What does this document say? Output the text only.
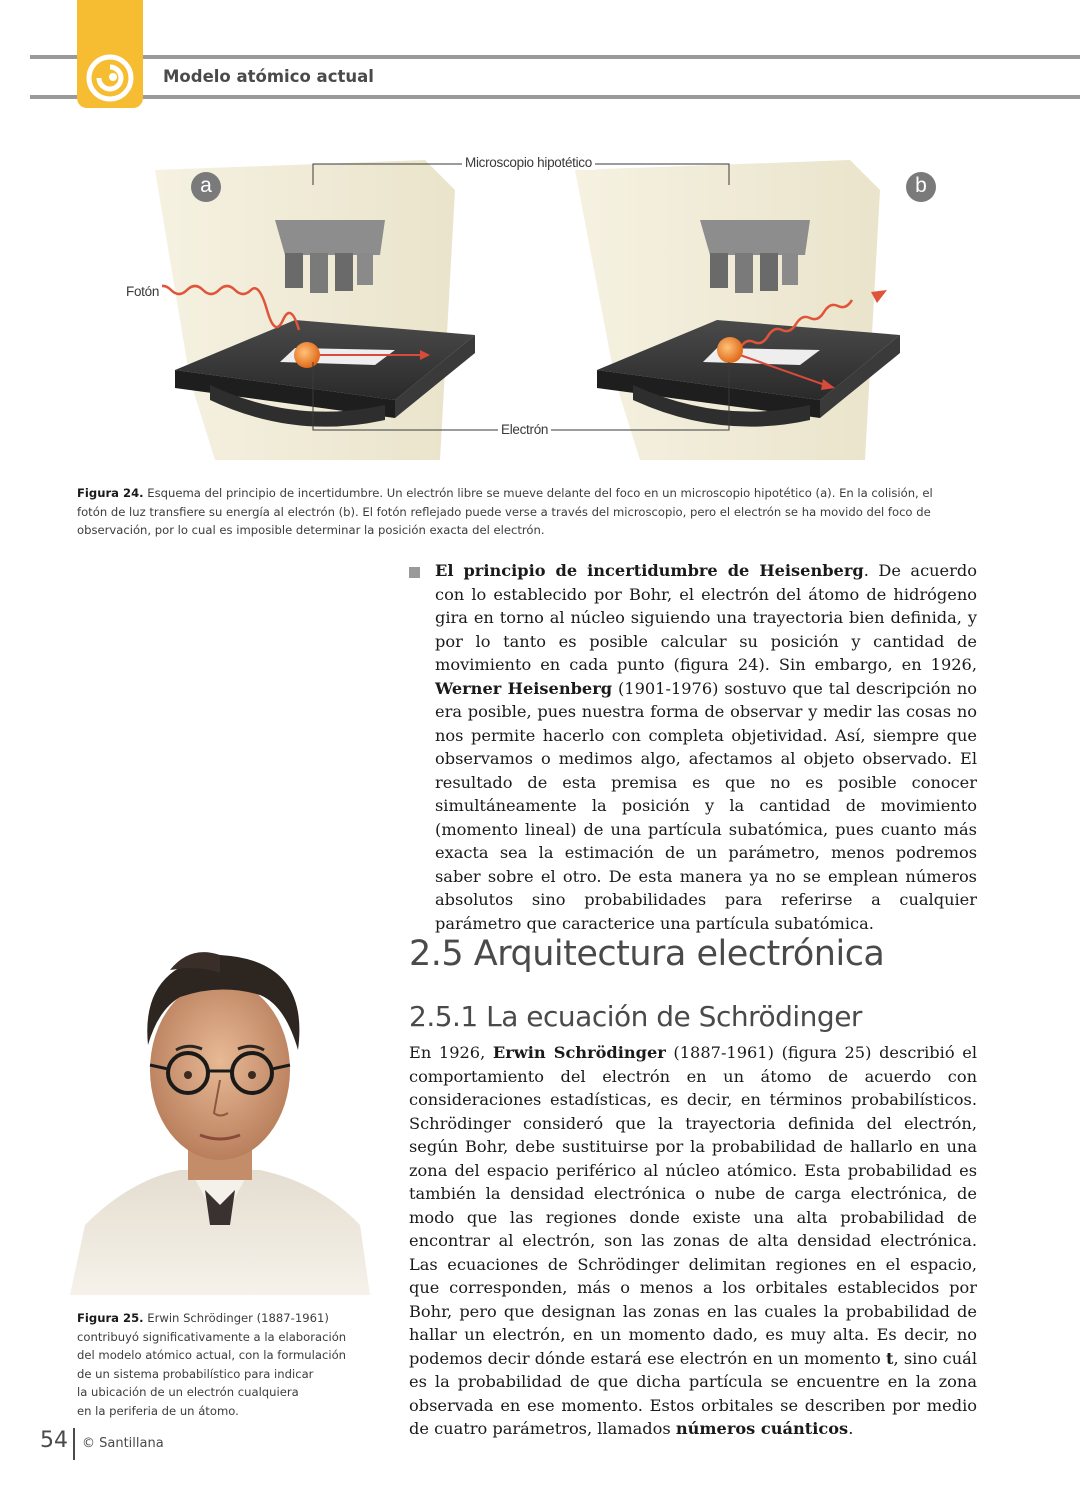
Modelo atómico actual
Microscopio hipotético
Fotón
Electrón
a	b
Figura 24. Esquema del principio de incertidumbre. Un electrón libre se mueve delante del foco en un microscopio hipotético (a). En la colisión, el fotón de luz transfiere su energía al electrón (b). El fotón reflejado puede verse a través del microscopio, pero el electrón se ha movido del foco de observación, por lo cual es imposible determinar la posición exacta del electrón.
El principio de incertidumbre de Heisenberg. De acuerdo con lo establecido por Bohr, el electrón del átomo de hidrógeno gira en torno al núcleo siguiendo una trayectoria bien definida, y por lo tanto es posible calcular su posición y cantidad de movimiento en cada punto (figura 24). Sin embargo, en 1926, Werner Heisenberg (1901-1976) sostuvo que tal descripción no era posible, pues nuestra forma de observar y medir las cosas no nos permite hacerlo con completa objetividad. Así, siempre que observamos o medimos algo, afectamos al objeto observado. El resultado de esta premisa es que no es posible conocer simultáneamente la posición y la cantidad de movimiento (momento lineal) de una partícula subatómica, pues cuanto más exacta sea la estimación de un parámetro, menos podremos saber sobre el otro. De esta manera ya no se emplean números absolutos sino probabilidades para referirse a cualquier parámetro que caracterice una partícula subatómica.
2.5 Arquitectura electrónica
2.5.1 La ecuación de Schrödinger
En 1926, Erwin Schrödinger (1887-1961) (figura 25) describió el comportamiento del electrón en un átomo de acuerdo con consideraciones estadísticas, es decir, en términos probabilísticos. Schrödinger consideró que la trayectoria definida del electrón, según Bohr, debe sustituirse por la probabilidad de hallarlo en una zona del espacio periférico al núcleo atómico. Esta probabilidad es también la densidad electrónica o nube de carga electrónica, de modo que las regiones donde existe una alta probabilidad de encontrar al electrón, son las zonas de alta densidad electrónica. Las ecuaciones de Schrödinger delimitan regiones en el espacio, que corresponden, más o menos a los orbitales establecidos por Bohr, pero que designan las zonas en las cuales la probabilidad de hallar un electrón, en un momento dado, es muy alta. Es decir, no podemos decir dónde estará ese electrón en un momento t, sino cuál es la probabilidad de que dicha partícula se encuentre en la zona observada en ese momento. Estos orbitales se describen por medio de cuatro parámetros, llamados números cuánticos.
Figura 25. Erwin Schrödinger (1887-1961)
contribuyó significativamente a la elaboración
del modelo atómico actual, con la formulación
de un sistema probabilístico para indicar
la ubicación de un electrón cualquiera
en la periferia de un átomo.
54 © Santillana
